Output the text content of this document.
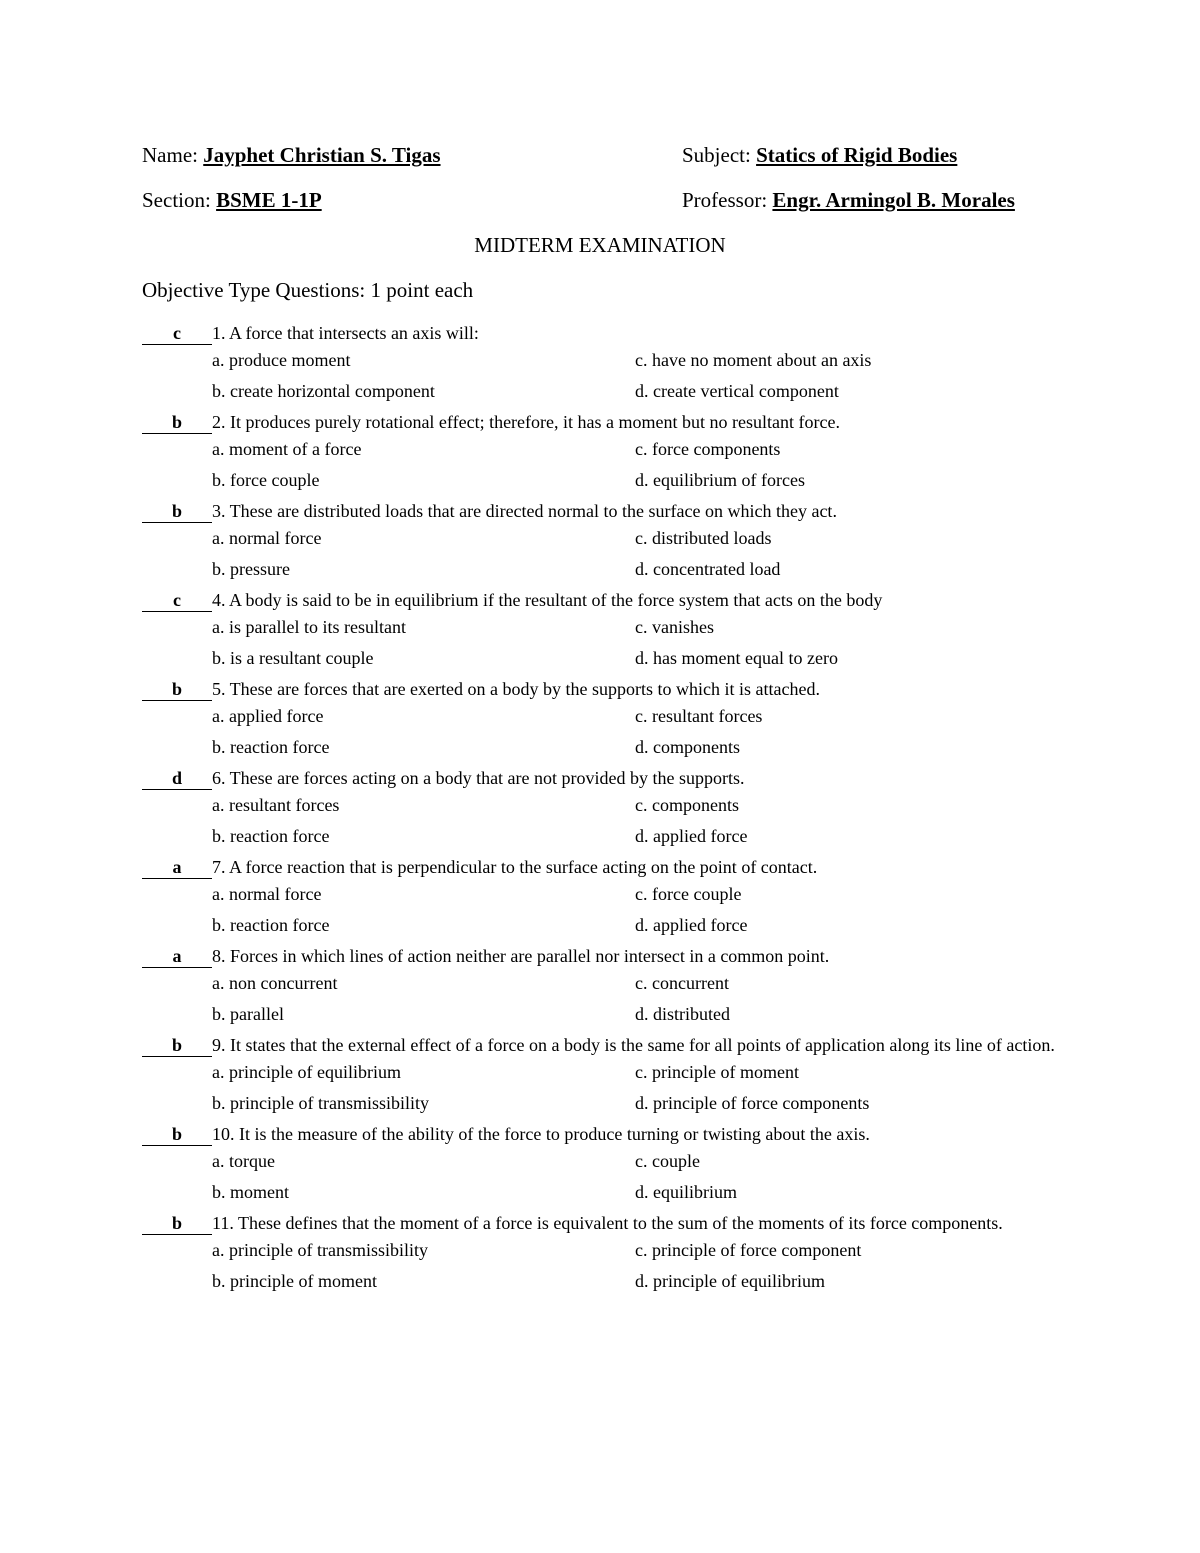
Name: Jayphet Christian S. Tigas	Subject: Statics of Rigid Bodies
Section: BSME 1-1P	Professor: Engr. Armingol B. Morales
MIDTERM EXAMINATION
Objective Type Questions: 1 point each
c	1. A force that intersects an axis will:
a. produce moment	c. have no moment about an axis
b. create horizontal component	d. create vertical component
b	2. It produces purely rotational effect; therefore, it has a moment but no resultant force.
a. moment of a force	c. force components
b. force couple	d. equilibrium of forces
b	3. These are distributed loads that are directed normal to the surface on which they act.
a. normal force	c. distributed loads
b. pressure	d. concentrated load
c	4. A body is said to be in equilibrium if the resultant of the force system that acts on the body
a. is parallel to its resultant	c. vanishes
b. is a resultant couple	d. has moment equal to zero
b	5. These are forces that are exerted on a body by the supports to which it is attached.
a. applied force	c. resultant forces
b. reaction force	d. components
d	6. These are forces acting on a body that are not provided by the supports.
a. resultant forces	c. components
b. reaction force	d. applied force
a	7. A force reaction that is perpendicular to the surface acting on the point of contact.
a. normal force	c. force couple
b. reaction force	d. applied force
a	8. Forces in which lines of action neither are parallel nor intersect in a common point.
a. non concurrent	c. concurrent
b. parallel	d. distributed
b	9. It states that the external effect of a force on a body is the same for all points of application along its line of action.
a. principle of equilibrium	c. principle of moment
b. principle of transmissibility	d. principle of force components
b	10. It is the measure of the ability of the force to produce turning or twisting about the axis.
a. torque	c. couple
b. moment	d. equilibrium
b	11. These defines that the moment of a force is equivalent to the sum of the moments of its force components.
a. principle of transmissibility	c. principle of force component
b. principle of moment	d. principle of equilibrium
